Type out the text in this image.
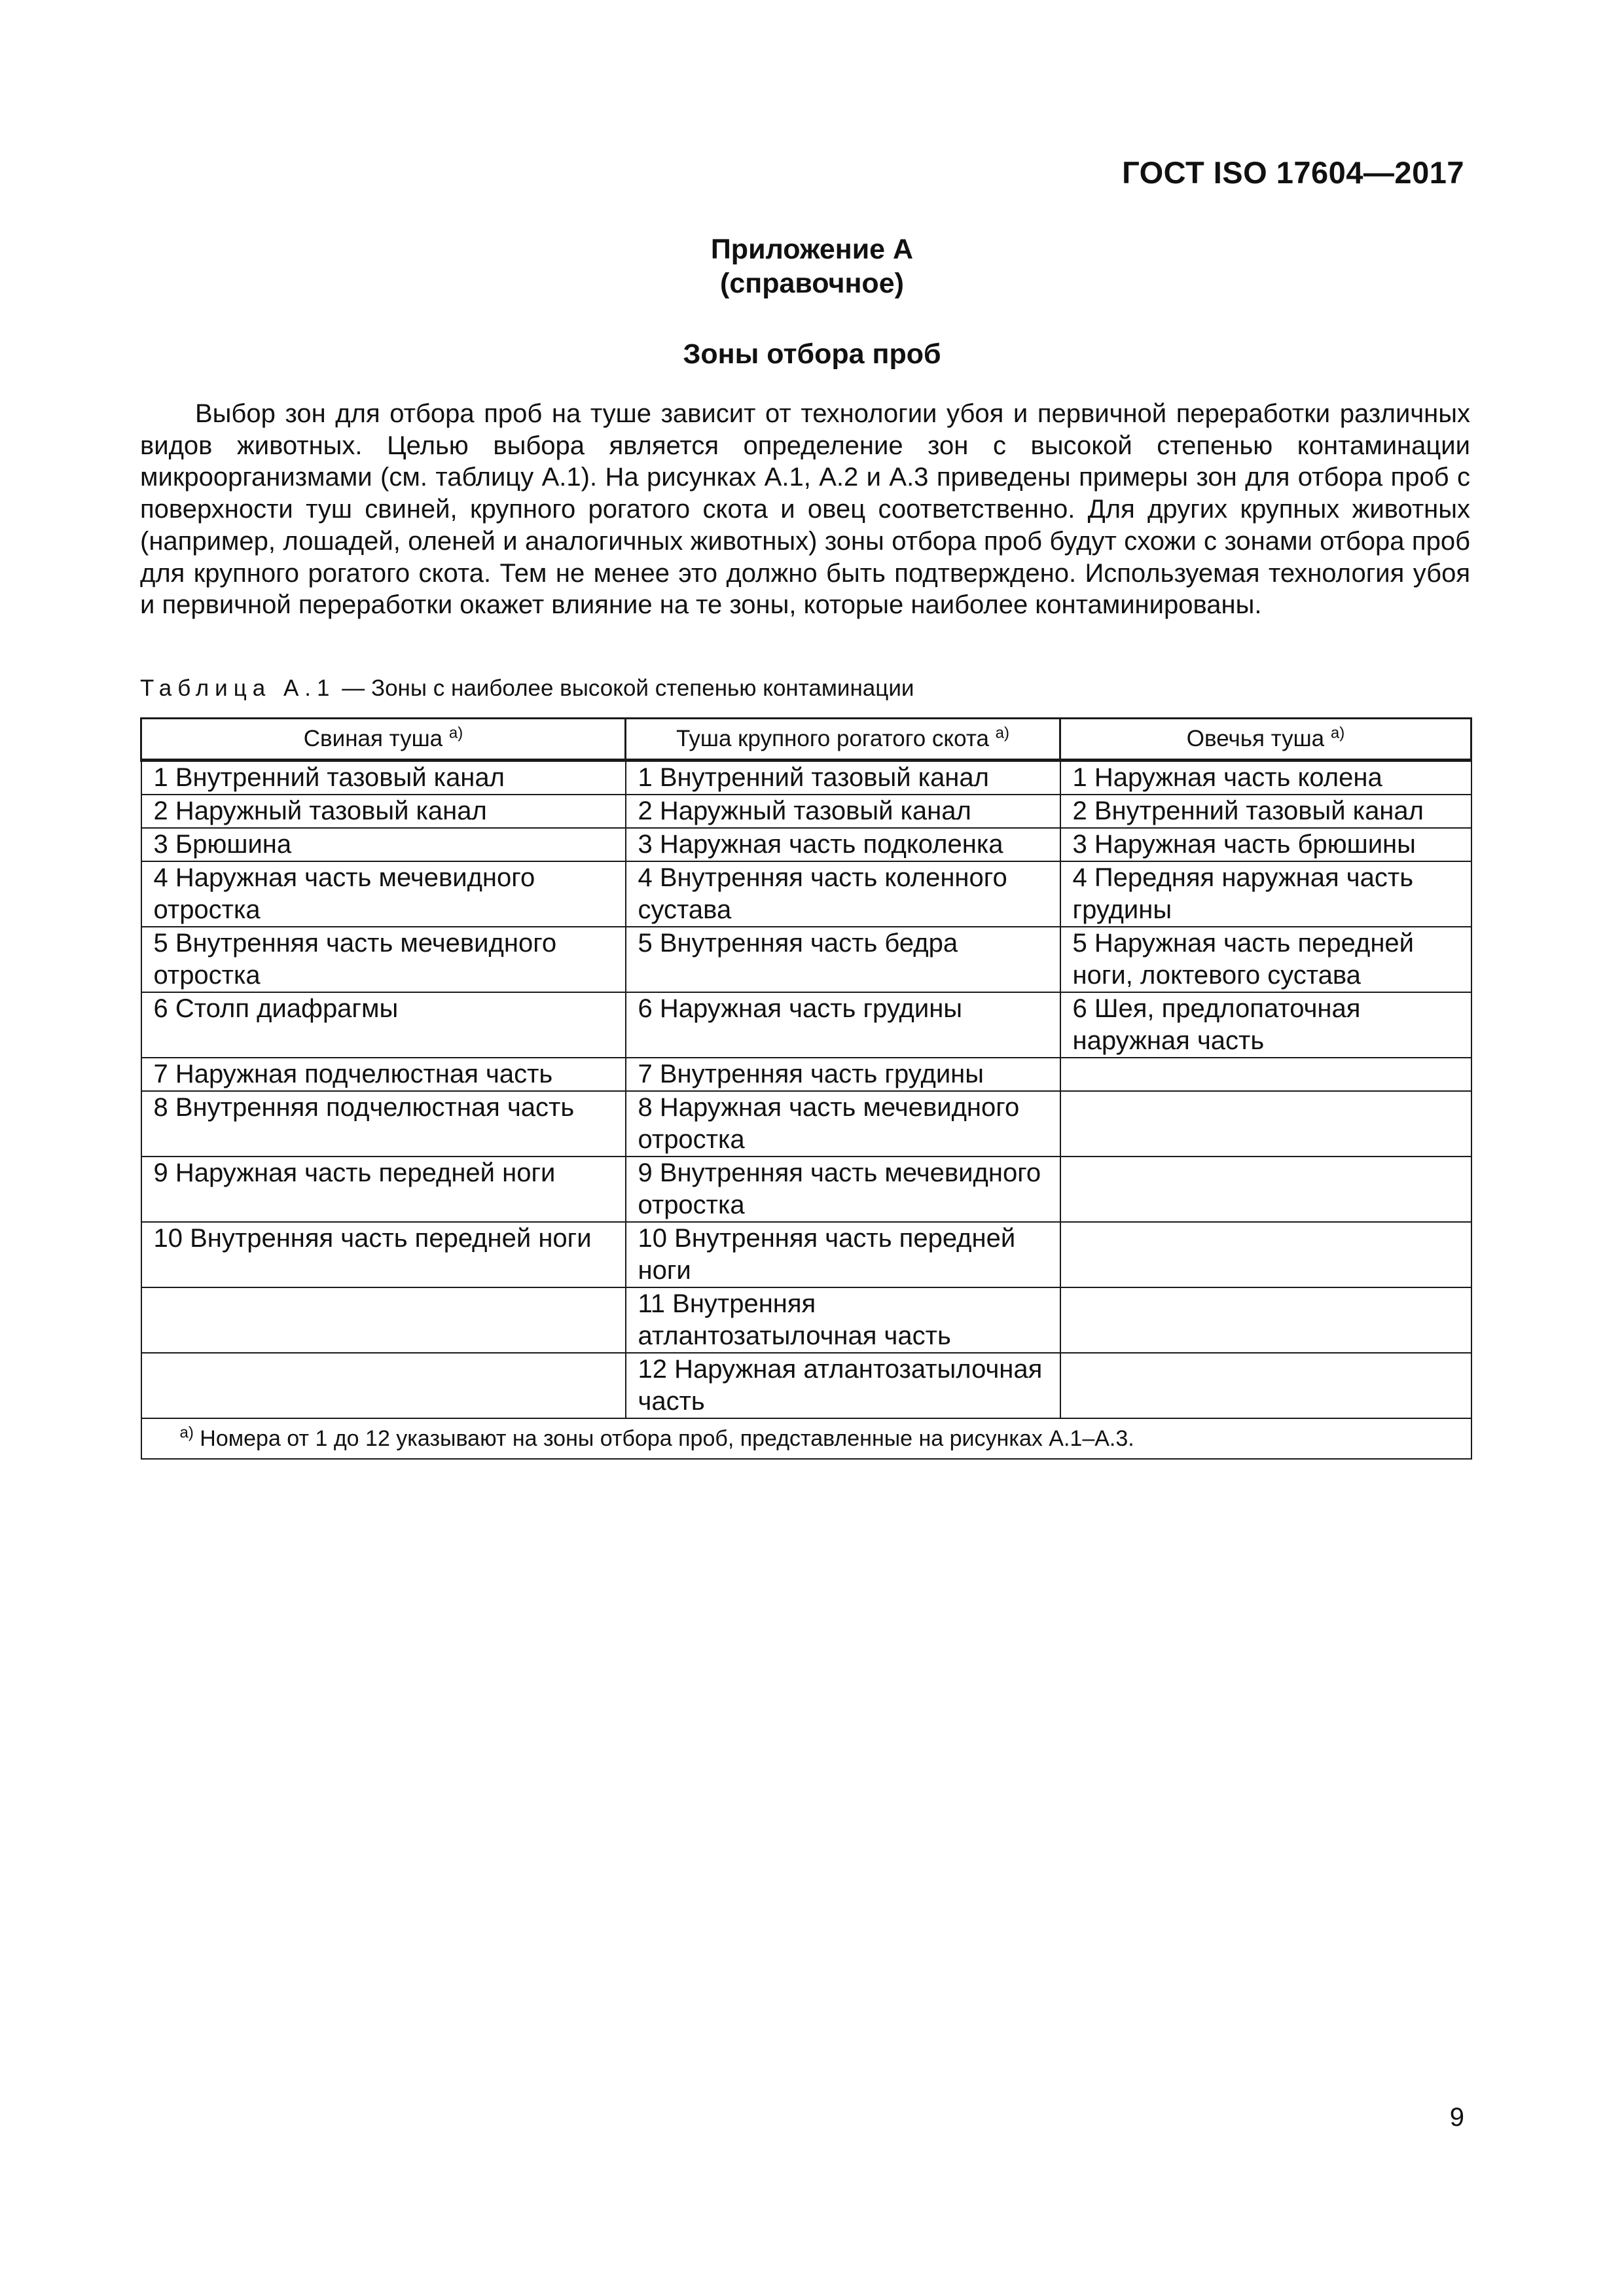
ГОСТ ISO 17604—2017
Приложение А
(справочное)
Зоны отбора проб

Выбор зон для отбора проб на туше зависит от технологии убоя и первичной переработки различных видов животных. Целью выбора является определение зон с высокой степенью контаминации микроорганизмами (см. таблицу А.1). На рисунках А.1, А.2 и А.3 приведены примеры зон для отбора проб с поверхности туш свиней, крупного рогатого скота и овец соответственно. Для других крупных животных (например, лошадей, оленей и аналогичных животных) зоны отбора проб будут схожи с зонами отбора проб для крупного рогатого скота. Тем не менее это должно быть подтверждено. Используемая технология убоя и первичной переработки окажет влияние на те зоны, которые наиболее контаминированы.

Таблица А.1 — Зоны с наиболее высокой степенью контаминации
Свиная туша $^{а)}$	Туша крупного рогатого скота $^{а)}$	Овечья туша $^{а)}$
1 Внутренний тазовый канал	1 Внутренний тазовый канал	1 Наружная часть колена
2 Наружный тазовый канал	2 Наружный тазовый канал	2 Внутренний тазовый канал
3 Брюшина	3 Наружная часть подколенка	3 Наружная часть брюшины
4 Наружная часть мечевидного отростка	4 Внутренняя часть коленного сустава	4 Передняя наружная часть грудины
5 Внутренняя часть мечевидного отростка	5 Внутренняя часть бедра	5 Наружная часть передней ноги, локтевого сустава
6 Столп диафрагмы	6 Наружная часть грудины	6 Шея, предлопаточная наружная часть
7 Наружная подчелюстная часть	7 Внутренняя часть грудины	
8 Внутренняя подчелюстная часть	8 Наружная часть мечевидного отростка	
9 Наружная часть передней ноги	9 Внутренняя часть мечевидного отростка	
10 Внутренняя часть передней ноги	10 Внутренняя часть передней ноги	
	11 Внутренняя атлантозатылочная часть	
	12 Наружная атлантозатылочная часть	
$^{а)}$ Номера от 1 до 12 указывают на зоны отбора проб, представленные на рисунках А.1–А.3.		
9
